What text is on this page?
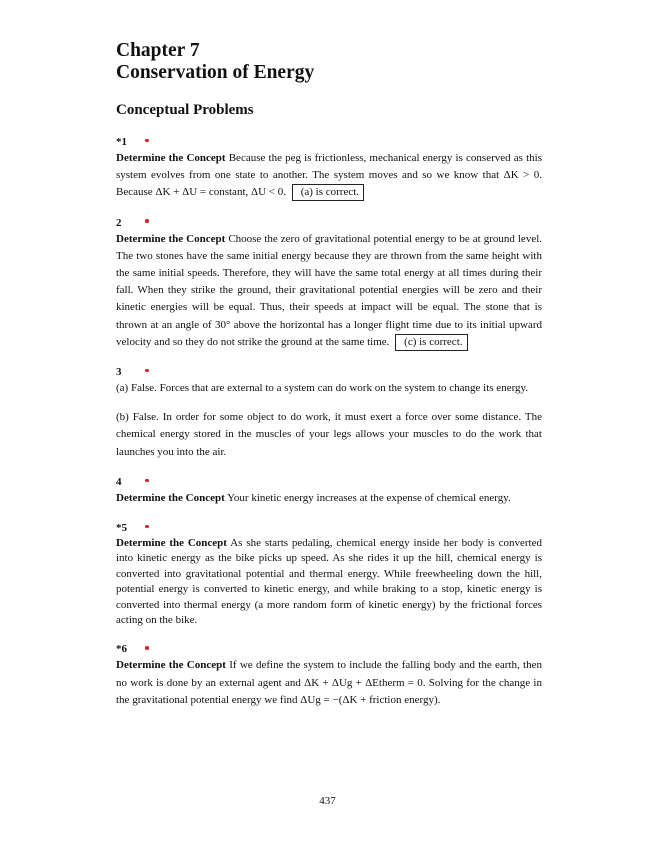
Chapter 7
Conservation of Energy
Conceptual Problems
*1

Determine the Concept Because the peg is frictionless, mechanical energy is conserved as this system evolves from one state to another. The system moves and so we know that ΔK > 0. Because ΔK + ΔU = constant, ΔU < 0. (a) is correct.

2

Determine the Concept Choose the zero of gravitational potential energy to be at ground level. The two stones have the same initial energy because they are thrown from the same height with the same initial speeds. Therefore, they will have the same total energy at all times during their fall. When they strike the ground, their gravitational potential energies will be zero and their kinetic energies will be equal. Thus, their speeds at impact will be equal. The stone that is thrown at an angle of 30° above the horizontal has a longer flight time due to its initial upward velocity and so they do not strike the ground at the same time. (c) is correct.

3

(a) False. Forces that are external to a system can do work on the system to change its energy.

(b) False. In order for some object to do work, it must exert a force over some distance. The chemical energy stored in the muscles of your legs allows your muscles to do the work that launches you into the air.

4

Determine the Concept Your kinetic energy increases at the expense of chemical energy.

*5

Determine the Concept As she starts pedaling, chemical energy inside her body is converted into kinetic energy as the bike picks up speed. As she rides it up the hill, chemical energy is converted into gravitational potential and thermal energy. While freewheeling down the hill, potential energy is converted to kinetic energy, and while braking to a stop, kinetic energy is converted into thermal energy (a more random form of kinetic energy) by the frictional forces acting on the bike.

*6

Determine the Concept If we define the system to include the falling body and the earth, then no work is done by an external agent and ΔK + ΔUg + ΔEtherm = 0. Solving for the change in the gravitational potential energy we find ΔUg = −(ΔK + friction energy).

437
